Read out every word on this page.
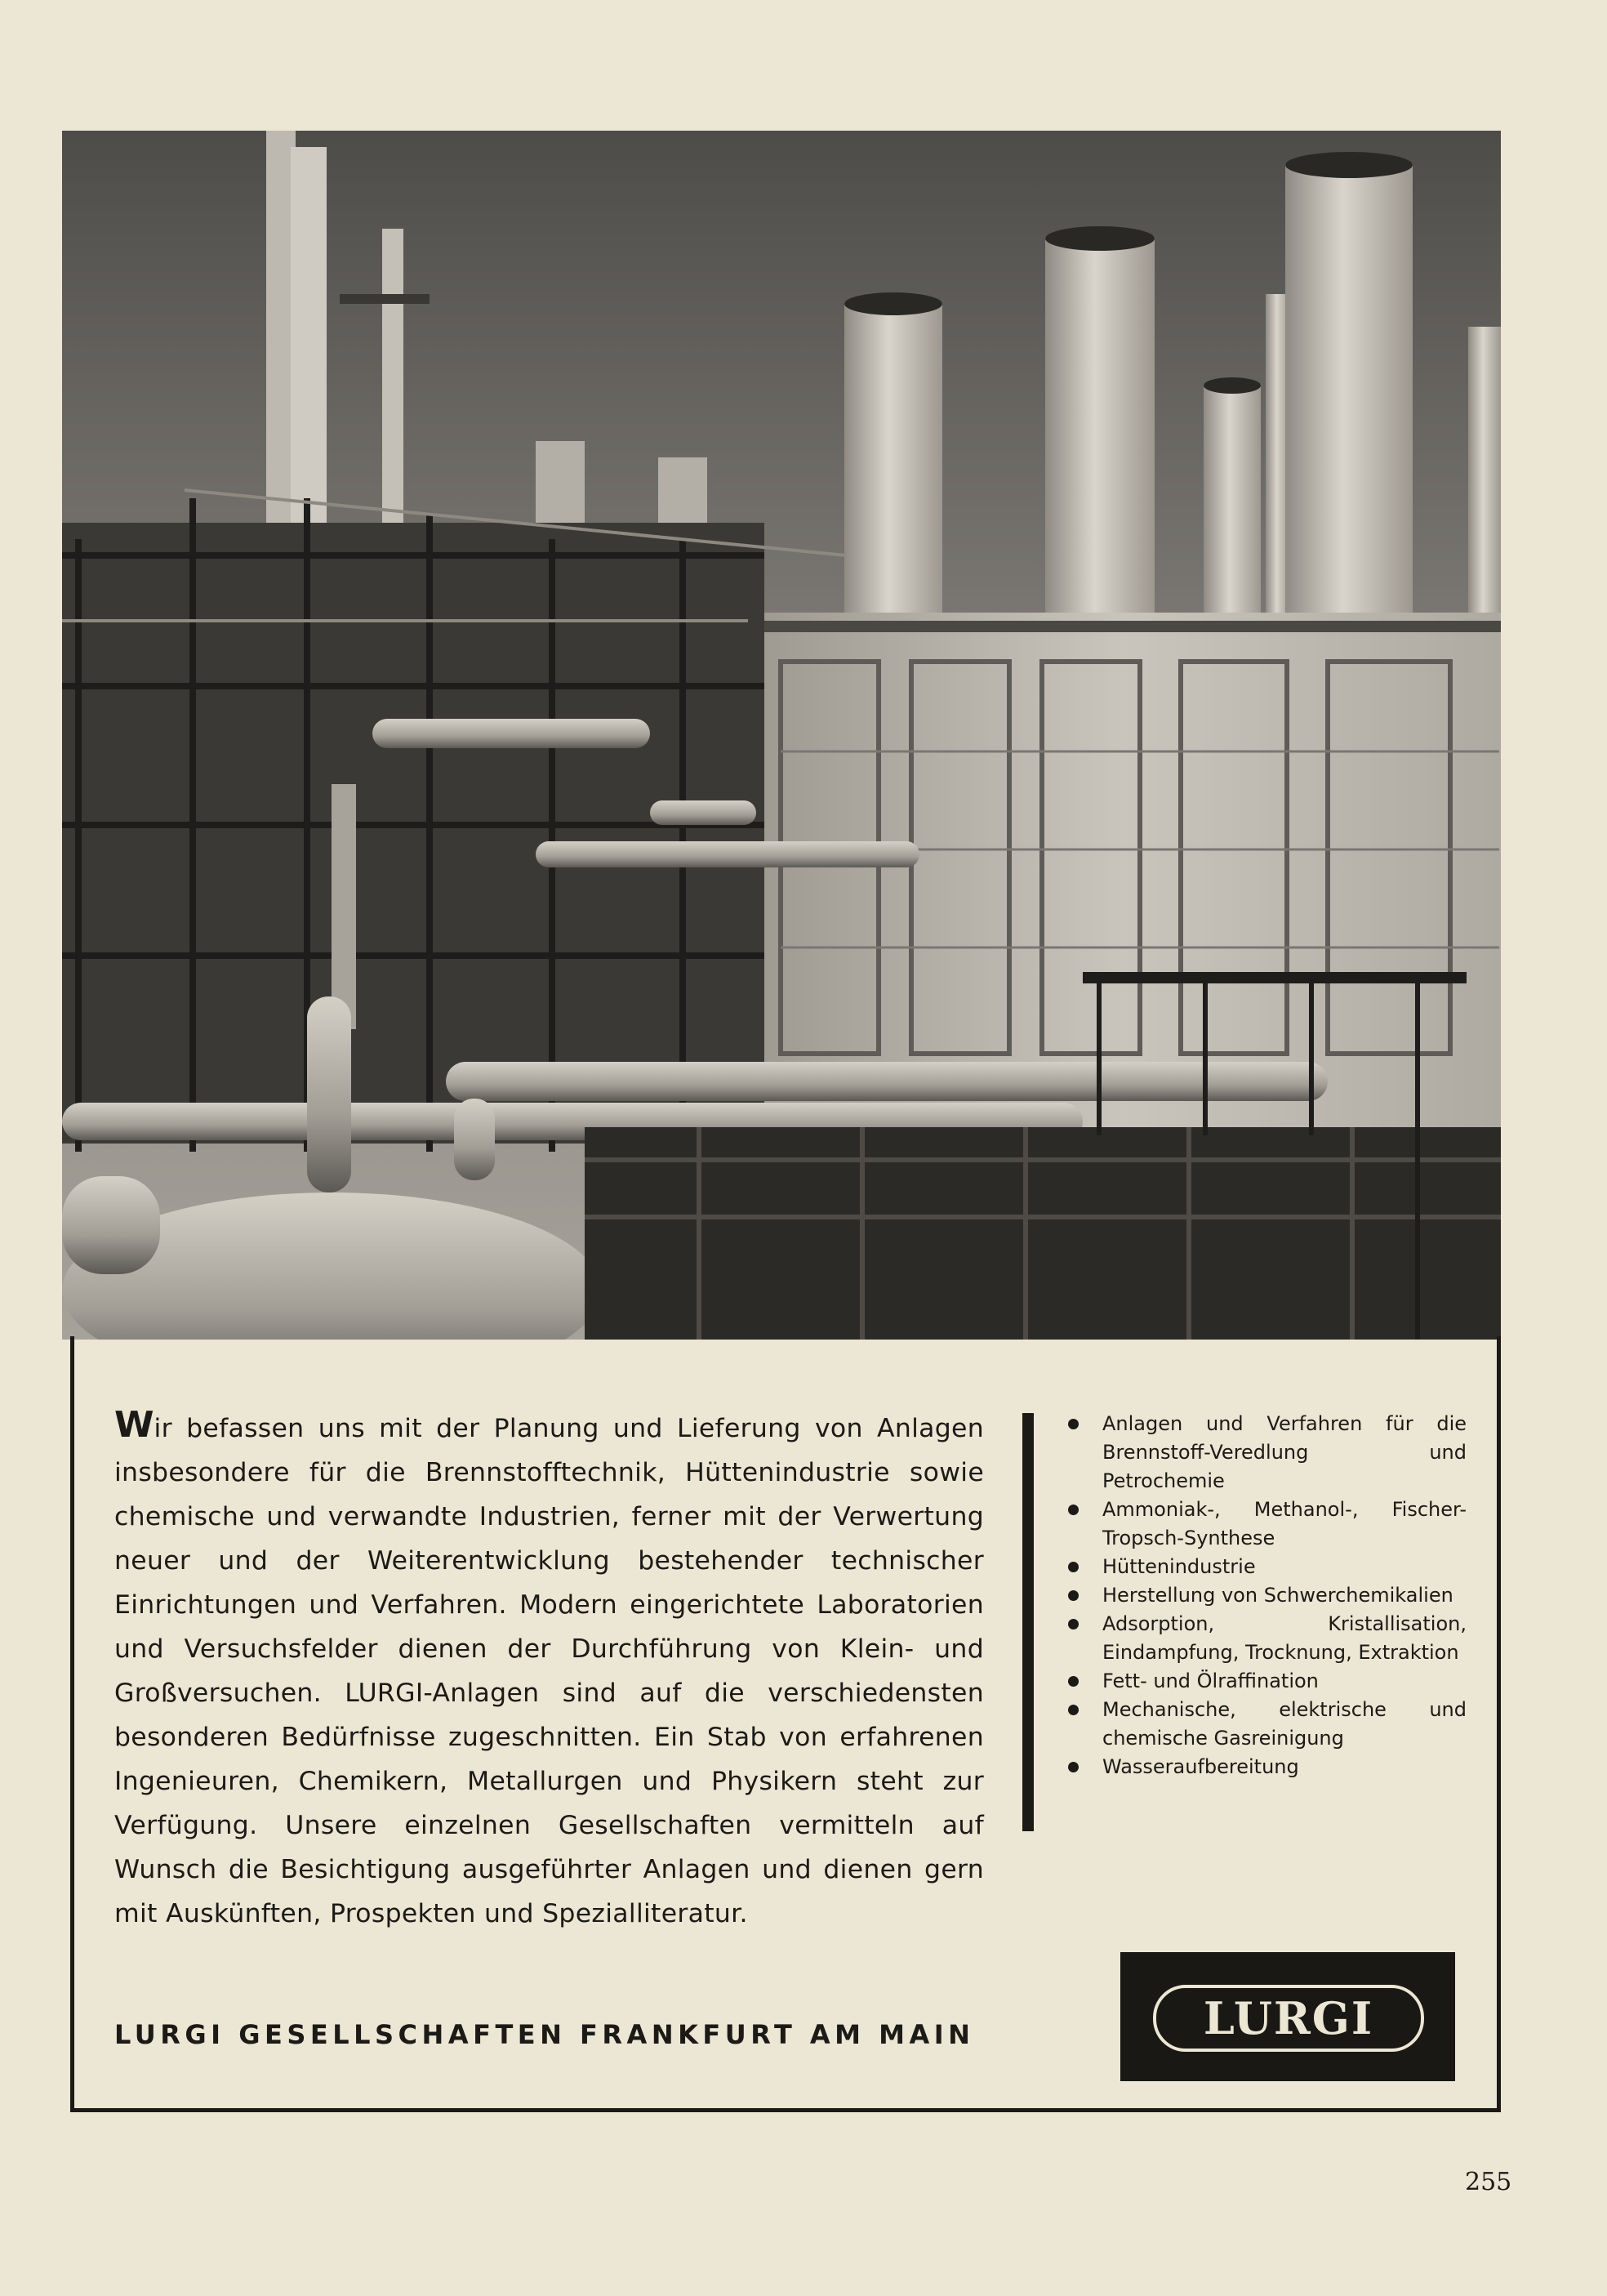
Wir befassen uns mit der Planung und Lieferung von Anlagen insbesondere für die Brennstofftechnik, Hüttenindustrie sowie chemische und verwandte Industrien, ferner mit der Verwertung neuer und der Weiterentwicklung bestehender technischer Einrichtungen und Verfahren. Modern eingerichtete Laboratorien und Versuchsfelder dienen der Durchführung von Klein- und Großversuchen. LURGI-Anlagen sind auf die verschiedensten besonderen Bedürfnisse zugeschnitten. Ein Stab von erfahrenen Ingenieuren, Chemikern, Metallurgen und Physikern steht zur Verfügung. Unsere einzelnen Gesellschaften vermitteln auf Wunsch die Besichtigung ausgeführter Anlagen und dienen gern mit Auskünften, Prospekten und Spezialliteratur.
Anlagen und Verfahren für die Brennstoff-Veredlung und Petrochemie
Ammoniak-, Methanol-, Fischer-Tropsch-Synthese
Hüttenindustrie
Herstellung von Schwerchemikalien
Adsorption, Kristallisation, Eindampfung, Trocknung, Extraktion
Fett- und Ölraffination
Mechanische, elektrische und chemische Gasreinigung
Wasseraufbereitung
LURGI GESELLSCHAFTEN FRANKFURT AM MAIN	LURGI
255
